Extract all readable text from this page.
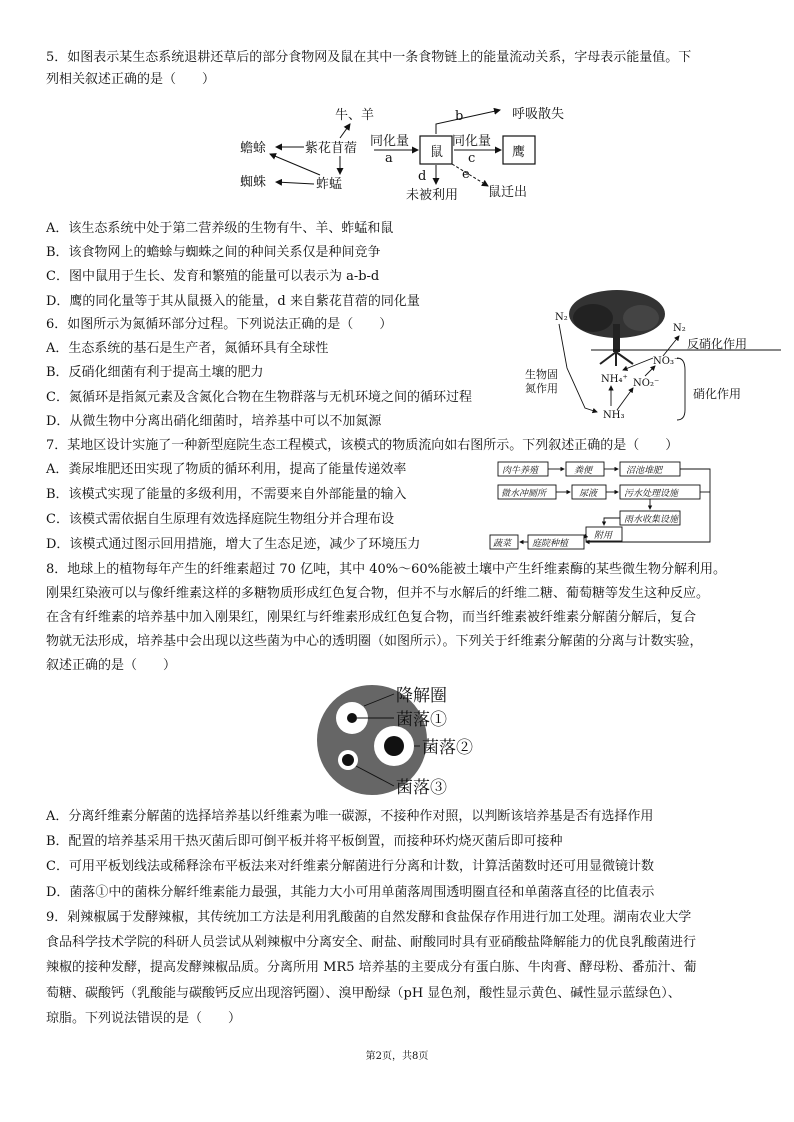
5．如图表示某生态系统退耕还草后的部分食物网及鼠在其中一条食物链上的能量流动关系，字母表示能量值。下
列相关叙述正确的是（　　）
牛、羊
紫花苜蓿
蚱蜢
蟾蜍
蜘蛛
同化量
a	鼠
同化量
c	鹰
b	呼吸散失
d
未被利用
e
鼠迁出
A．该生态系统中处于第二营养级的生物有牛、羊、蚱蜢和鼠
B．该食物网上的蟾蜍与蜘蛛之间的种间关系仅是种间竞争
C．图中鼠用于生长、发育和繁殖的能量可以表示为 a-b-d
D．鹰的同化量等于其从鼠摄入的能量，d 来自紫花苜蓿的同化量
6．如图所示为氮循环部分过程。下列说法正确的是（　　）
A．生态系统的基石是生产者，氮循环具有全球性
B．反硝化细菌有利于提高土壤的肥力
C．氮循环是指氮元素及含氮化合物在生物群落与无机环境之间的循环过程
D．从微生物中分离出硝化细菌时，培养基中可以不加氮源
N₂
N₂
反硝化作用
生物固
氮作用
NH₄⁺
NO₃⁻
NO₂⁻
NH₃
硝化作用
7．某地区设计实施了一种新型庭院生态工程模式，该模式的物质流向如右图所示。下列叙述正确的是（　　）
A．粪尿堆肥还田实现了物质的循环利用，提高了能量传递效率
B．该模式实现了能量的多级利用，不需要来自外部能量的输入
C．该模式需依据自生原理有效选择庭院生物组分并合理布设
D．该模式通过图示回用措施，增大了生态足迹，减少了环境压力
肉牛养殖	粪便	沼池堆肥
微水冲厕所	尿液	污水处理设施
雨水收集设施
附用
庭院种植
蔬菜
8．地球上的植物每年产生的纤维素超过 70 亿吨，其中 40%～60%能被土壤中产生纤维素酶的某些微生物分解利用。
刚果红染液可以与像纤维素这样的多糖物质形成红色复合物，但并不与水解后的纤维二糖、葡萄糖等发生这种反应。
在含有纤维素的培养基中加入刚果红，刚果红与纤维素形成红色复合物，而当纤维素被纤维素分解菌分解后，复合
物就无法形成，培养基中会出现以这些菌为中心的透明圈（如图所示）。下列关于纤维素分解菌的分离与计数实验，
叙述正确的是（　　）
降解圈
菌落①
菌落②
菌落③
A．分离纤维素分解菌的选择培养基以纤维素为唯一碳源，不接种作对照，以判断该培养基是否有选择作用
B．配置的培养基采用干热灭菌后即可倒平板并将平板倒置，而接种环灼烧灭菌后即可接种
C．可用平板划线法或稀释涂布平板法来对纤维素分解菌进行分离和计数，计算活菌数时还可用显微镜计数
D．菌落①中的菌株分解纤维素能力最强，其能力大小可用单菌落周围透明圈直径和单菌落直径的比值表示
9．剁辣椒属于发酵辣椒，其传统加工方法是利用乳酸菌的自然发酵和食盐保存作用进行加工处理。湖南农业大学
食品科学技术学院的科研人员尝试从剁辣椒中分离安全、耐盐、耐酸同时具有亚硝酸盐降解能力的优良乳酸菌进行
辣椒的接种发酵，提高发酵辣椒品质。分离所用 MR5 培养基的主要成分有蛋白胨、牛肉膏、酵母粉、番茄汁、葡
萄糖、碳酸钙（乳酸能与碳酸钙反应出现溶钙圈）、溴甲酚绿（pH 显色剂，酸性显示黄色、碱性显示蓝绿色）、
琼脂。下列说法错误的是（　　）
第2页，共8页
